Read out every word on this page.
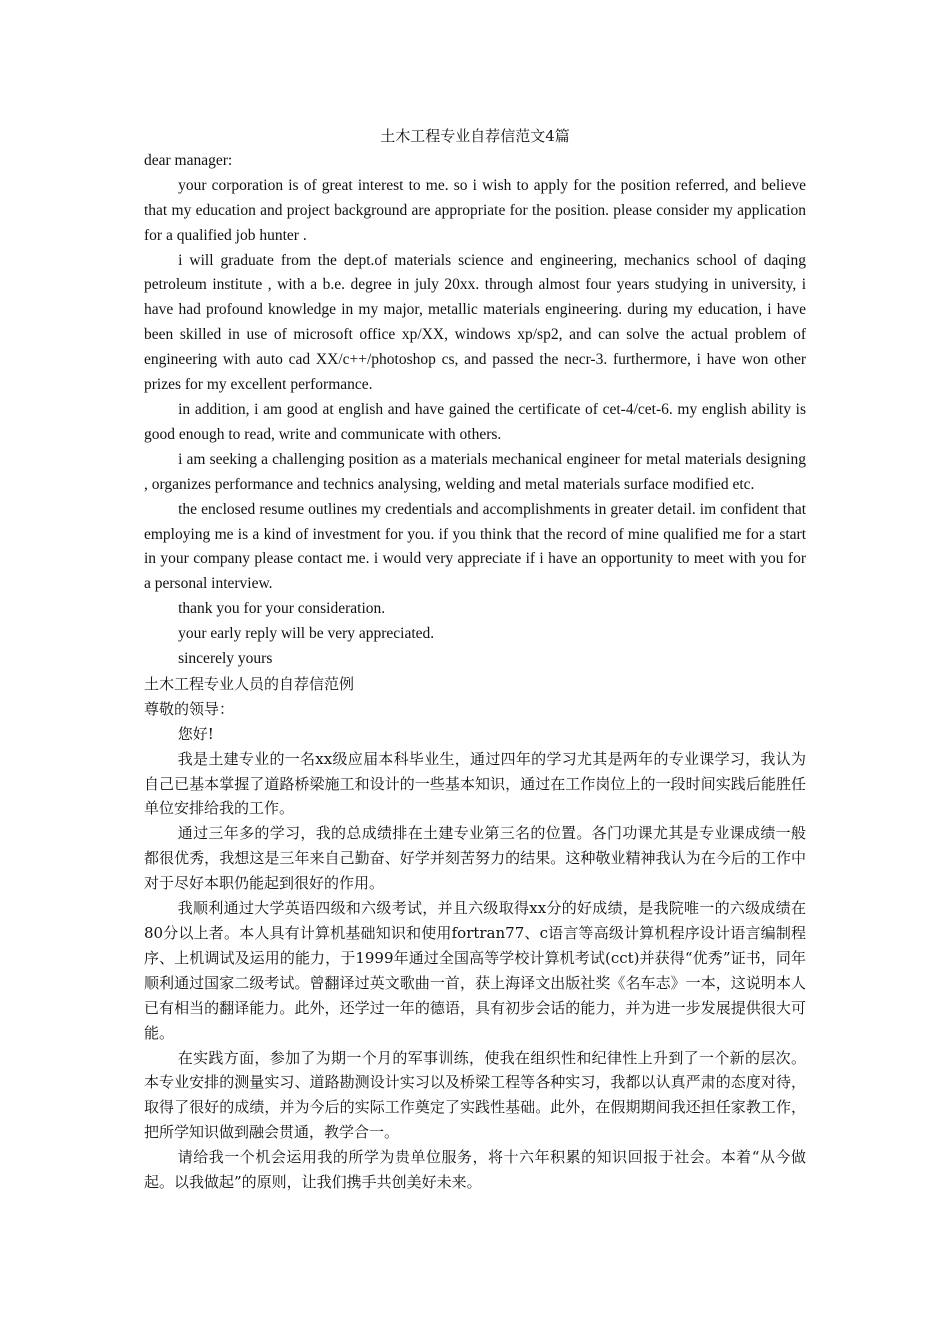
土木工程专业自荐信范文4篇

dear manager:

your corporation is of great interest to me. so i wish to apply for the position referred, and believe that my education and project background are appropriate for the position. please consider my application for a qualified job hunter .

i will graduate from the dept.of materials science and engineering, mechanics school of daqing petroleum institute , with a b.e. degree in july 20xx. through almost four years studying in university, i have had profound knowledge in my major, metallic materials engineering. during my education, i have been skilled in use of microsoft office xp/XX, windows xp/sp2, and can solve the actual problem of engineering with auto cad XX/c++/photoshop cs, and passed the necr-3. furthermore, i have won other prizes for my excellent performance.

in addition, i am good at english and have gained the certificate of cet-4/cet-6. my english ability is good enough to read, write and communicate with others.

i am seeking a challenging position as a materials mechanical engineer for metal materials designing , organizes performance and technics analysing, welding and metal materials surface modified etc.

the enclosed resume outlines my credentials and accomplishments in greater detail. im confident that employing me is a kind of investment for you. if you think that the record of mine qualified me for a start in your company please contact me. i would very appreciate if i have an opportunity to meet with you for a personal interview.

thank you for your consideration.

your early reply will be very appreciated.

sincerely yours

土木工程专业人员的自荐信范例

尊敬的领导：

您好!

我是土建专业的一名xx级应届本科毕业生，通过四年的学习尤其是两年的专业课学习，我认为自己已基本掌握了道路桥梁施工和设计的一些基本知识，通过在工作岗位上的一段时间实践后能胜任单位安排给我的工作。

通过三年多的学习，我的总成绩排在土建专业第三名的位置。各门功课尤其是专业课成绩一般都很优秀，我想这是三年来自己勤奋、好学并刻苦努力的结果。这种敬业精神我认为在今后的工作中对于尽好本职仍能起到很好的作用。

我顺利通过大学英语四级和六级考试，并且六级取得xx分的好成绩，是我院唯一的六级成绩在80分以上者。本人具有计算机基础知识和使用fortran77、c语言等高级计算机程序设计语言编制程序、上机调试及运用的能力，于1999年通过全国高等学校计算机考试(cct)并获得“优秀”证书，同年顺利通过国家二级考试。曾翻译过英文歌曲一首，获上海译文出版社奖《名车志》一本，这说明本人已有相当的翻译能力。此外，还学过一年的德语，具有初步会话的能力，并为进一步发展提供很大可能。

在实践方面，参加了为期一个月的军事训练，使我在组织性和纪律性上升到了一个新的层次。本专业安排的测量实习、道路勘测设计实习以及桥梁工程等各种实习，我都以认真严肃的态度对待，取得了很好的成绩，并为今后的实际工作奠定了实践性基础。此外，在假期期间我还担任家教工作，把所学知识做到融会贯通，教学合一。

请给我一个机会运用我的所学为贵单位服务，将十六年积累的知识回报于社会。本着“从今做起。以我做起”的原则，让我们携手共创美好未来。
